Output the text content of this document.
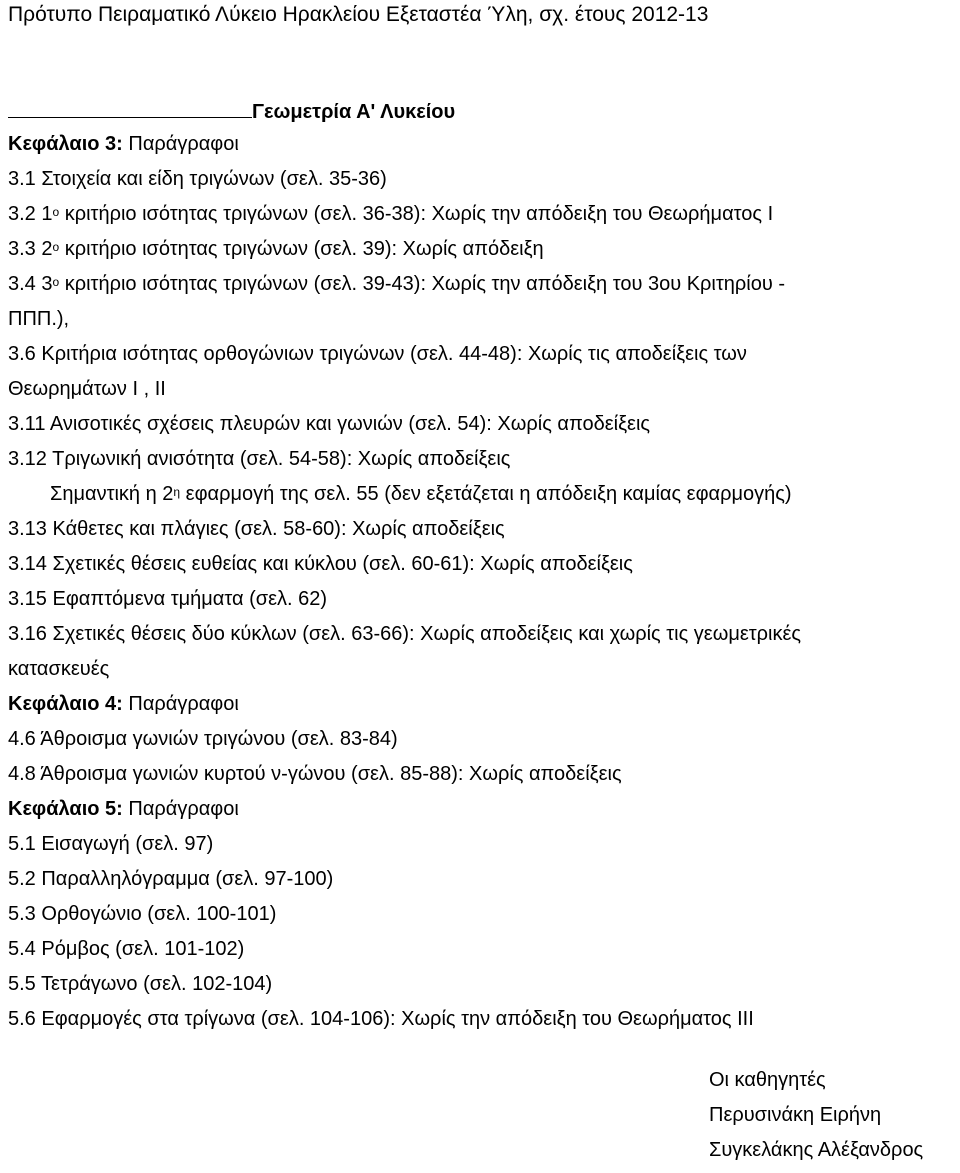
Πρότυπο Πειραματικό Λύκειο Ηρακλείου Εξεταστέα Ύλη, σχ. έτους 2012-13
Γεωμετρία Α' Λυκείου
Κεφάλαιο 3: Παράγραφοι
3.1 Στοιχεία και είδη τριγώνων (σελ. 35-36)
3.2 $1^o$ κριτήριο ισότητας τριγώνων (σελ. 36-38): Χωρίς την απόδειξη του Θεωρήματος Ι
3.3 $2^o$ κριτήριο ισότητας τριγώνων (σελ. 39): Χωρίς απόδειξη
3.4 $3^o$ κριτήριο ισότητας τριγώνων (σελ. 39-43): Χωρίς την απόδειξη του 3ου Κριτηρίου -
ΠΠΠ.),
3.6 Κριτήρια ισότητας ορθογώνιων τριγώνων (σελ. 44-48): Χωρίς τις αποδείξεις των
Θεωρημάτων Ι , ΙΙ
3.11 Ανισοτικές σχέσεις πλευρών και γωνιών (σελ. 54): Χωρίς αποδείξεις
3.12 Τριγωνική ανισότητα (σελ. 54-58): Χωρίς αποδείξεις
Σημαντική η $2^\eta$ εφαρμογή της σελ. 55 (δεν εξετάζεται η απόδειξη καμίας εφαρμογής)
3.13 Κάθετες και πλάγιες (σελ. 58-60): Χωρίς αποδείξεις
3.14 Σχετικές θέσεις ευθείας και κύκλου (σελ. 60-61): Χωρίς αποδείξεις
3.15 Εφαπτόμενα τμήματα (σελ. 62)
3.16 Σχετικές θέσεις δύο κύκλων (σελ. 63-66): Χωρίς αποδείξεις και χωρίς τις γεωμετρικές
κατασκευές
Κεφάλαιο 4: Παράγραφοι
4.6 Άθροισμα γωνιών τριγώνου (σελ. 83-84)
4.8 Άθροισμα γωνιών κυρτού ν-γώνου (σελ. 85-88): Χωρίς αποδείξεις
Κεφάλαιο 5: Παράγραφοι
5.1 Εισαγωγή (σελ. 97)
5.2 Παραλληλόγραμμα (σελ. 97-100)
5.3 Ορθογώνιο (σελ. 100-101)
5.4 Ρόμβος (σελ. 101-102)
5.5 Τετράγωνο (σελ. 102-104)
5.6 Εφαρμογές στα τρίγωνα (σελ. 104-106): Χωρίς την απόδειξη του Θεωρήματος ΙΙΙ
Οι καθηγητές
Περυσινάκη Ειρήνη
Συγκελάκης Αλέξανδρος
